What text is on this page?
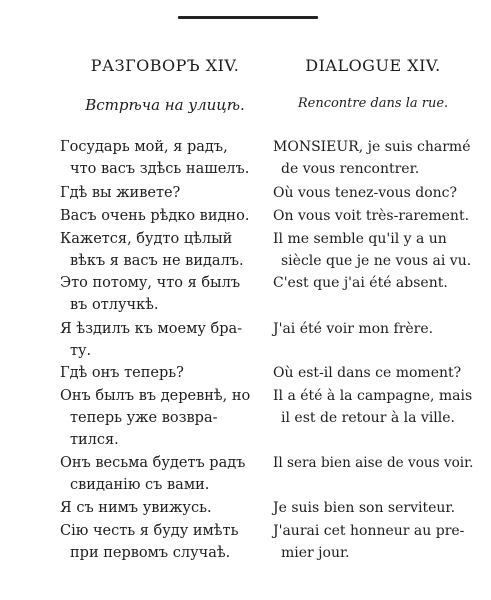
РАЗГОВОРЪ XIV.
Встрѣча на улицѣ.
Государь мой, я радъ,
что васъ здѣсь нашелъ.
Гдѣ вы живете?
Васъ очень рѣдко видно.
Кажется, будто цѣлый
вѣкъ я васъ не видалъ.
Это потому, что я былъ
въ отлучкѣ.
Я ѣздилъ къ моему бра-
ту.
Гдѣ онъ теперь?
Онъ былъ въ деревнѣ, но
теперь уже возвра-
тился.
Онъ весьма будетъ радъ
свиданію съ вами.
Я съ нимъ увижусь.
Сію честь я буду имѣть
при первомъ случаѣ.
DIALOGUE XIV.
Rencontre dans la rue.
MONSIEUR, je suis charmé
de vous rencontrer.
Où vous tenez-vous donc?
On vous voit très-rarement.
Il me semble qu'il y a un
siècle que je ne vous ai vu.
C'est que j'ai été absent.
J'ai été voir mon frère.
Où est-il dans ce moment?
Il a été à la campagne, mais
il est de retour à la ville.
Il sera bien aise de vous voir.
Je suis bien son serviteur.
J'aurai cet honneur au pre-
mier jour.
